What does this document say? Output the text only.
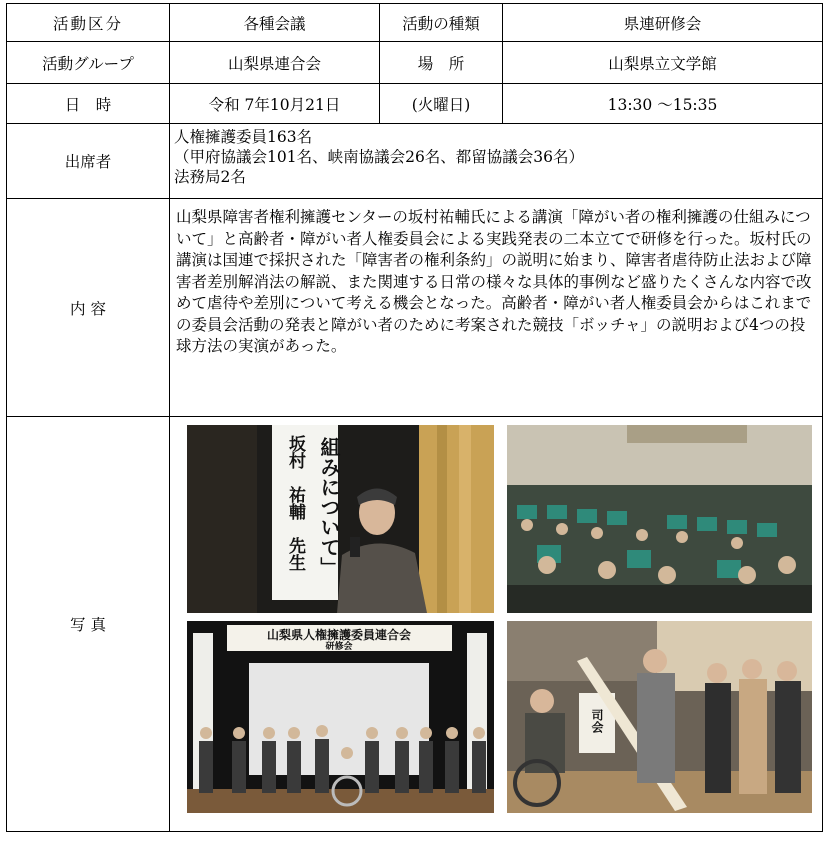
活動区分	各種会議	活動の種類	県連研修会
活動グループ	山梨県連合会	場　所	山梨県立文学館
日　時	令和 7年10月21日	(火曜日)	13:30 ～15:35
出席者	人権擁護委員163名
（甲府協議会101名、峡南協議会26名、都留協議会36名）
法務局2名		

内 容	山梨県障害者権利擁護センターの坂村祐輔氏による講演「障がい者の権利擁護の仕組みについて」と高齢者・障がい者人権委員会による実践発表の二本立てで研修を行った。坂村氏の講演は国連で採択された「障害者の権利条約」の説明に始まり、障害者虐待防止法および障害者差別解消法の解説、また関連する日常の様々な具体的事例など盛りたくさんな内容で改めて虐待や差別について考える機会となった。高齢者・障がい者人権委員会からはこれまでの委員会活動の発表と障がい者のために考案された競技「ボッチャ」の説明および4つの投球方法の実演があった。		
写 真	組みについて」
坂村　祐輔　先生
山梨県人権擁護委員連合会
研修会
司会		
